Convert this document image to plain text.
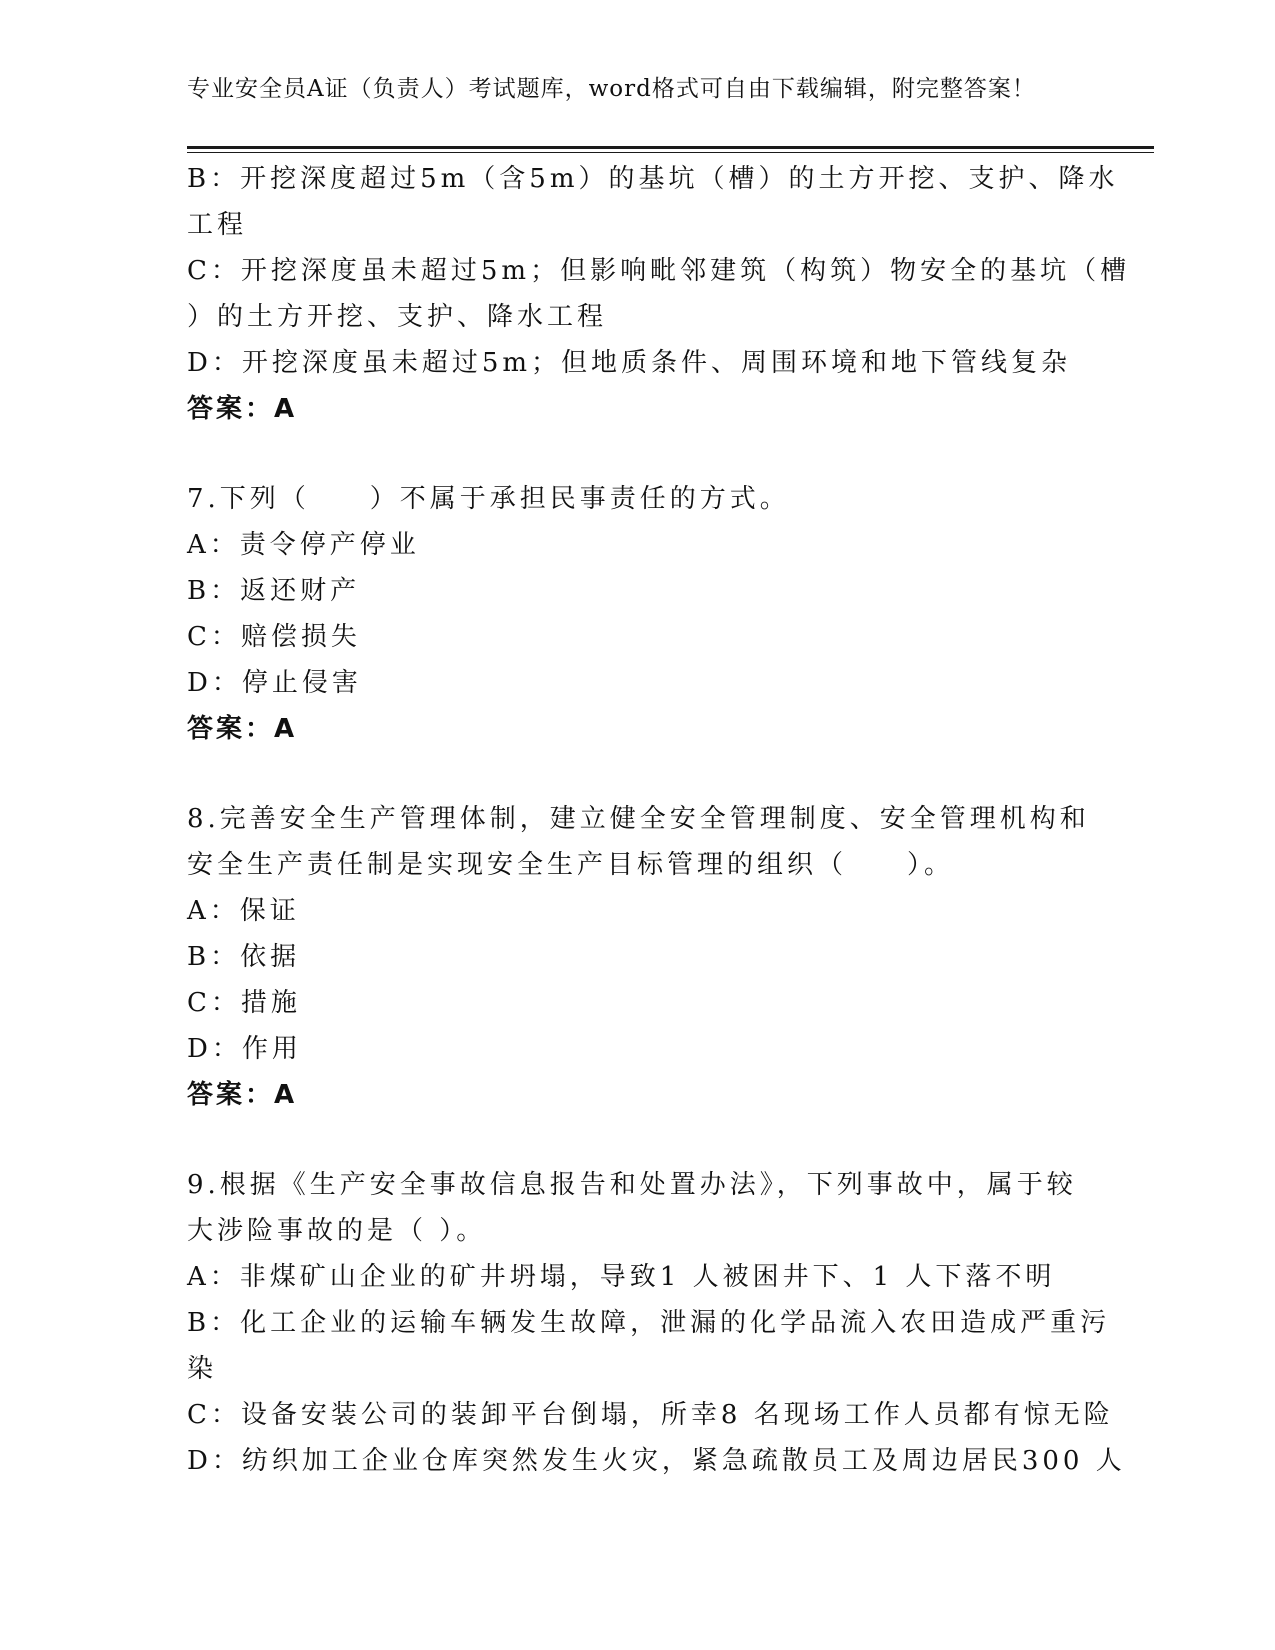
专业安全员A证（负责人）考试题库，word格式可自由下载编辑，附完整答案！
B：开挖深度超过5m（含5m）的基坑（槽）的土方开挖、支护、降水
工程
C：开挖深度虽未超过5m；但影响毗邻建筑（构筑）物安全的基坑（槽
）的土方开挖、支护、降水工程
D：开挖深度虽未超过5m；但地质条件、周围环境和地下管线复杂
答案：A
7.下列（　　）不属于承担民事责任的方式。
A：责令停产停业
B：返还财产
C：赔偿损失
D：停止侵害
答案：A
8.完善安全生产管理体制，建立健全安全管理制度、安全管理机构和
安全生产责任制是实现安全生产目标管理的组织（　　）。
A：保证
B：依据
C：措施
D：作用
答案：A
9.根据《生产安全事故信息报告和处置办法》，下列事故中，属于较
大涉险事故的是（ ）。
A：非煤矿山企业的矿井坍塌，导致1 人被困井下、1 人下落不明
B：化工企业的运输车辆发生故障，泄漏的化学品流入农田造成严重污
染
C：设备安装公司的装卸平台倒塌，所幸8 名现场工作人员都有惊无险
D：纺织加工企业仓库突然发生火灾，紧急疏散员工及周边居民300 人
